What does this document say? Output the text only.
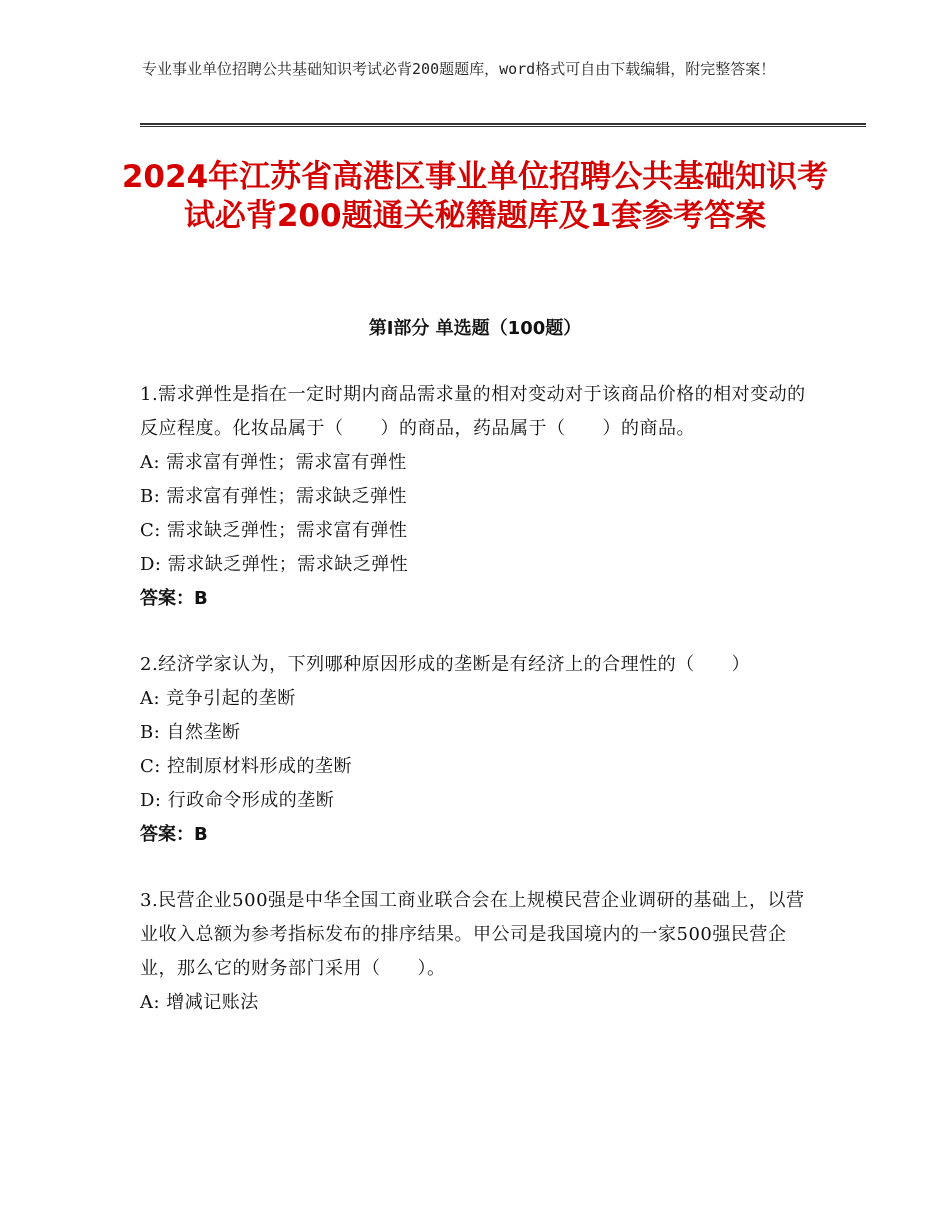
专业事业单位招聘公共基础知识考试必背200题题库，word格式可自由下载编辑，附完整答案！

2024年江苏省高港区事业单位招聘公共基础知识考试必背200题通关秘籍题库及1套参考答案
第Ⅰ部分 单选题（100题）

1.需求弹性是指在一定时期内商品需求量的相对变动对于该商品价格的相对变动的反应程度。化妆品属于（　　）的商品，药品属于（　　）的商品。

A: 需求富有弹性；需求富有弹性

B: 需求富有弹性；需求缺乏弹性

C: 需求缺乏弹性；需求富有弹性

D: 需求缺乏弹性；需求缺乏弹性

答案：B

2.经济学家认为，下列哪种原因形成的垄断是有经济上的合理性的（　　）

A: 竞争引起的垄断

B: 自然垄断

C: 控制原材料形成的垄断

D: 行政命令形成的垄断

答案：B

3.民营企业500强是中华全国工商业联合会在上规模民营企业调研的基础上，以营业收入总额为参考指标发布的排序结果。甲公司是我国境内的一家500强民营企业，那么它的财务部门采用（　　）。

A: 增减记账法
